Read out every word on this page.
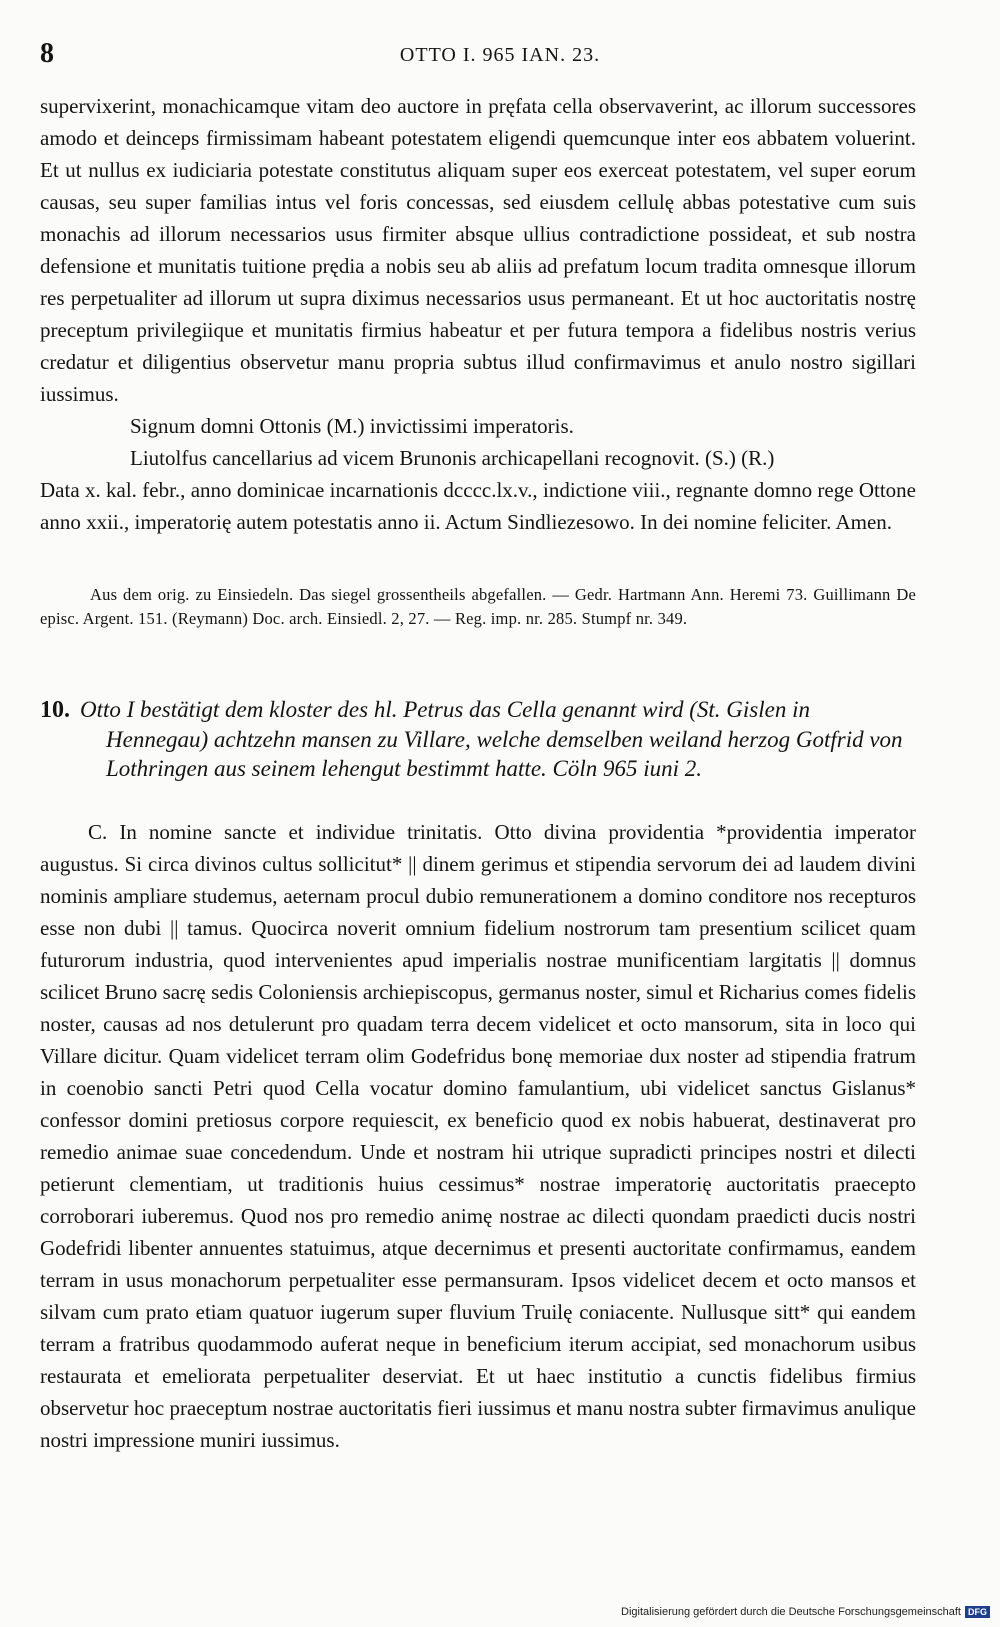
8	OTTO I. 965 IAN. 23.

supervixerint, monachicamque vitam deo auctore in pręfata cella observaverint, ac illorum successores amodo et deinceps firmissimam habeant potestatem eligendi quemcunque inter eos abbatem voluerint. Et ut nullus ex iudiciaria potestate constitutus aliquam super eos exerceat potestatem, vel super eorum causas, seu super familias intus vel foris concessas, sed eiusdem cellulę abbas potestative cum suis monachis ad illorum necessarios usus firmiter absque ullius contradictione possideat, et sub nostra defensione et munitatis tuitione prędia a nobis seu ab aliis ad prefatum locum tradita omnesque illorum res perpetualiter ad illorum ut supra diximus necessarios usus permaneant. Et ut hoc auctoritatis nostrę preceptum privilegiique et munitatis firmius habeatur et per futura tempora a fidelibus nostris verius credatur et diligentius observetur manu propria subtus illud confirmavimus et anulo nostro sigillari iussimus.

Signum domni Ottonis (M.) invictissimi imperatoris.

Liutolfus cancellarius ad vicem Brunonis archicapellani recognovit. (S.) (R.)

Data x. kal. febr., anno dominicae incarnationis dcccc.lx.v., indictione viii., regnante domno rege Ottone anno xxii., imperatorię autem potestatis anno ii. Actum Sindliezesowo. In dei nomine feliciter. Amen.

Aus dem orig. zu Einsiedeln. Das siegel grossentheils abgefallen. — Gedr. Hartmann Ann. Heremi 73. Guillimann De episc. Argent. 151. (Reymann) Doc. arch. Einsiedl. 2, 27. — Reg. imp. nr. 285. Stumpf nr. 349.

10. Otto I bestätigt dem kloster des hl. Petrus das Cella genannt wird (St. Gislen in Hennegau) achtzehn mansen zu Villare, welche demselben weiland herzog Gotfrid von Lothringen aus seinem lehengut bestimmt hatte. Cöln 965 iuni 2.

C. In nomine sancte et individue trinitatis. Otto divina providentia *providentia imperator augustus. Si circa divinos cultus sollicitut* || dinem gerimus et stipendia servorum dei ad laudem divini nominis ampliare studemus, aeternam procul dubio remunerationem a domino conditore nos recepturos esse non dubi || tamus. Quocirca noverit omnium fidelium nostrorum tam presentium scilicet quam futurorum industria, quod intervenientes apud imperialis nostrae munificentiam largitatis || domnus scilicet Bruno sacrę sedis Coloniensis archiepiscopus, germanus noster, simul et Richarius comes fidelis noster, causas ad nos detulerunt pro quadam terra decem videlicet et octo mansorum, sita in loco qui Villare dicitur. Quam videlicet terram olim Godefridus bonę memoriae dux noster ad stipendia fratrum in coenobio sancti Petri quod Cella vocatur domino famulantium, ubi videlicet sanctus Gislanus* confessor domini pretiosus corpore requiescit, ex beneficio quod ex nobis habuerat, destinaverat pro remedio animae suae concedendum. Unde et nostram hii utrique supradicti principes nostri et dilecti petierunt clementiam, ut traditionis huius cessimus* nostrae imperatorię auctoritatis praecepto corroborari iuberemus. Quod nos pro remedio animę nostrae ac dilecti quondam praedicti ducis nostri Godefridi libenter annuentes statuimus, atque decernimus et presenti auctoritate confirmamus, eandem terram in usus monachorum perpetualiter esse permansuram. Ipsos videlicet decem et octo mansos et silvam cum prato etiam quatuor iugerum super fluvium Truilę coniacente. Nullusque sitt* qui eandem terram a fratribus quodammodo auferat neque in beneficium iterum accipiat, sed monachorum usibus restaurata et emeliorata perpetualiter deserviat. Et ut haec institutio a cunctis fidelibus firmius observetur hoc praeceptum nostrae auctoritatis fieri iussimus et manu nostra subter firmavimus anulique nostri impressione muniri iussimus.

Digitalisierung gefördert durch die Deutsche Forschungsgemeinschaft DFG
